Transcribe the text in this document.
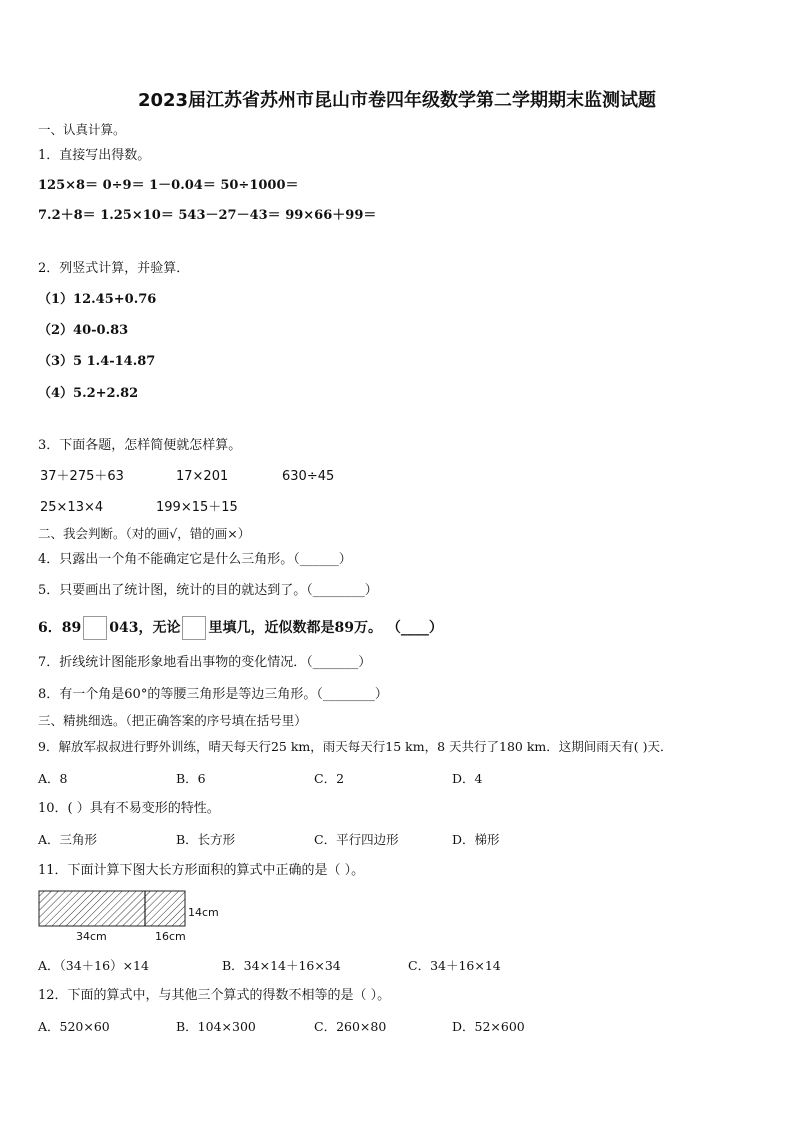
2023届江苏省苏州市昆山市卷四年级数学第二学期期末监测试题
一、认真计算。
1．直接写出得数。
125×8＝ 0÷9＝ 1－0.04＝ 50÷1000＝
7.2＋8＝ 1.25×10＝ 543－27－43＝ 99×66＋99＝
2．列竖式计算，并验算．
（1）12.45+0.76
（2）40-0.83
（3）5 1.4-14.87
（4）5.2+2.82
3．下面各题，怎样简便就怎样算。
37＋275＋63	17×201	630÷45
25×13×4	199×15＋15
二、我会判断。（对的画√，错的画×）
4．只露出一个角不能确定它是什么三角形。（______）
5．只要画出了统计图，统计的目的就达到了。（________）
6．89 043，无论 里填几，近似数都是89万。 （____）
7．折线统计图能形象地看出事物的变化情况．（_______）
8．有一个角是60°的等腰三角形是等边三角形。（________）
三、精挑细选。（把正确答案的序号填在括号里）
9．解放军叔叔进行野外训练，晴天每天行25 km，雨天每天行15 km，8 天共行了180 km．这期间雨天有( )天．
A．8	B．6	C．2	D．4
10．( ）具有不易变形的特性。
A．三角形	B．长方形	C．平行四边形	D．梯形
11．下面计算下图大长方形面积的算式中正确的是（ ）。
14cm
34cm	16cm
A．（34＋16）×14	B．34×14＋16×34	C．34＋16×14
12．下面的算式中，与其他三个算式的得数不相等的是（ ）。
A．520×60	B．104×300	C．260×80	D．52×600
